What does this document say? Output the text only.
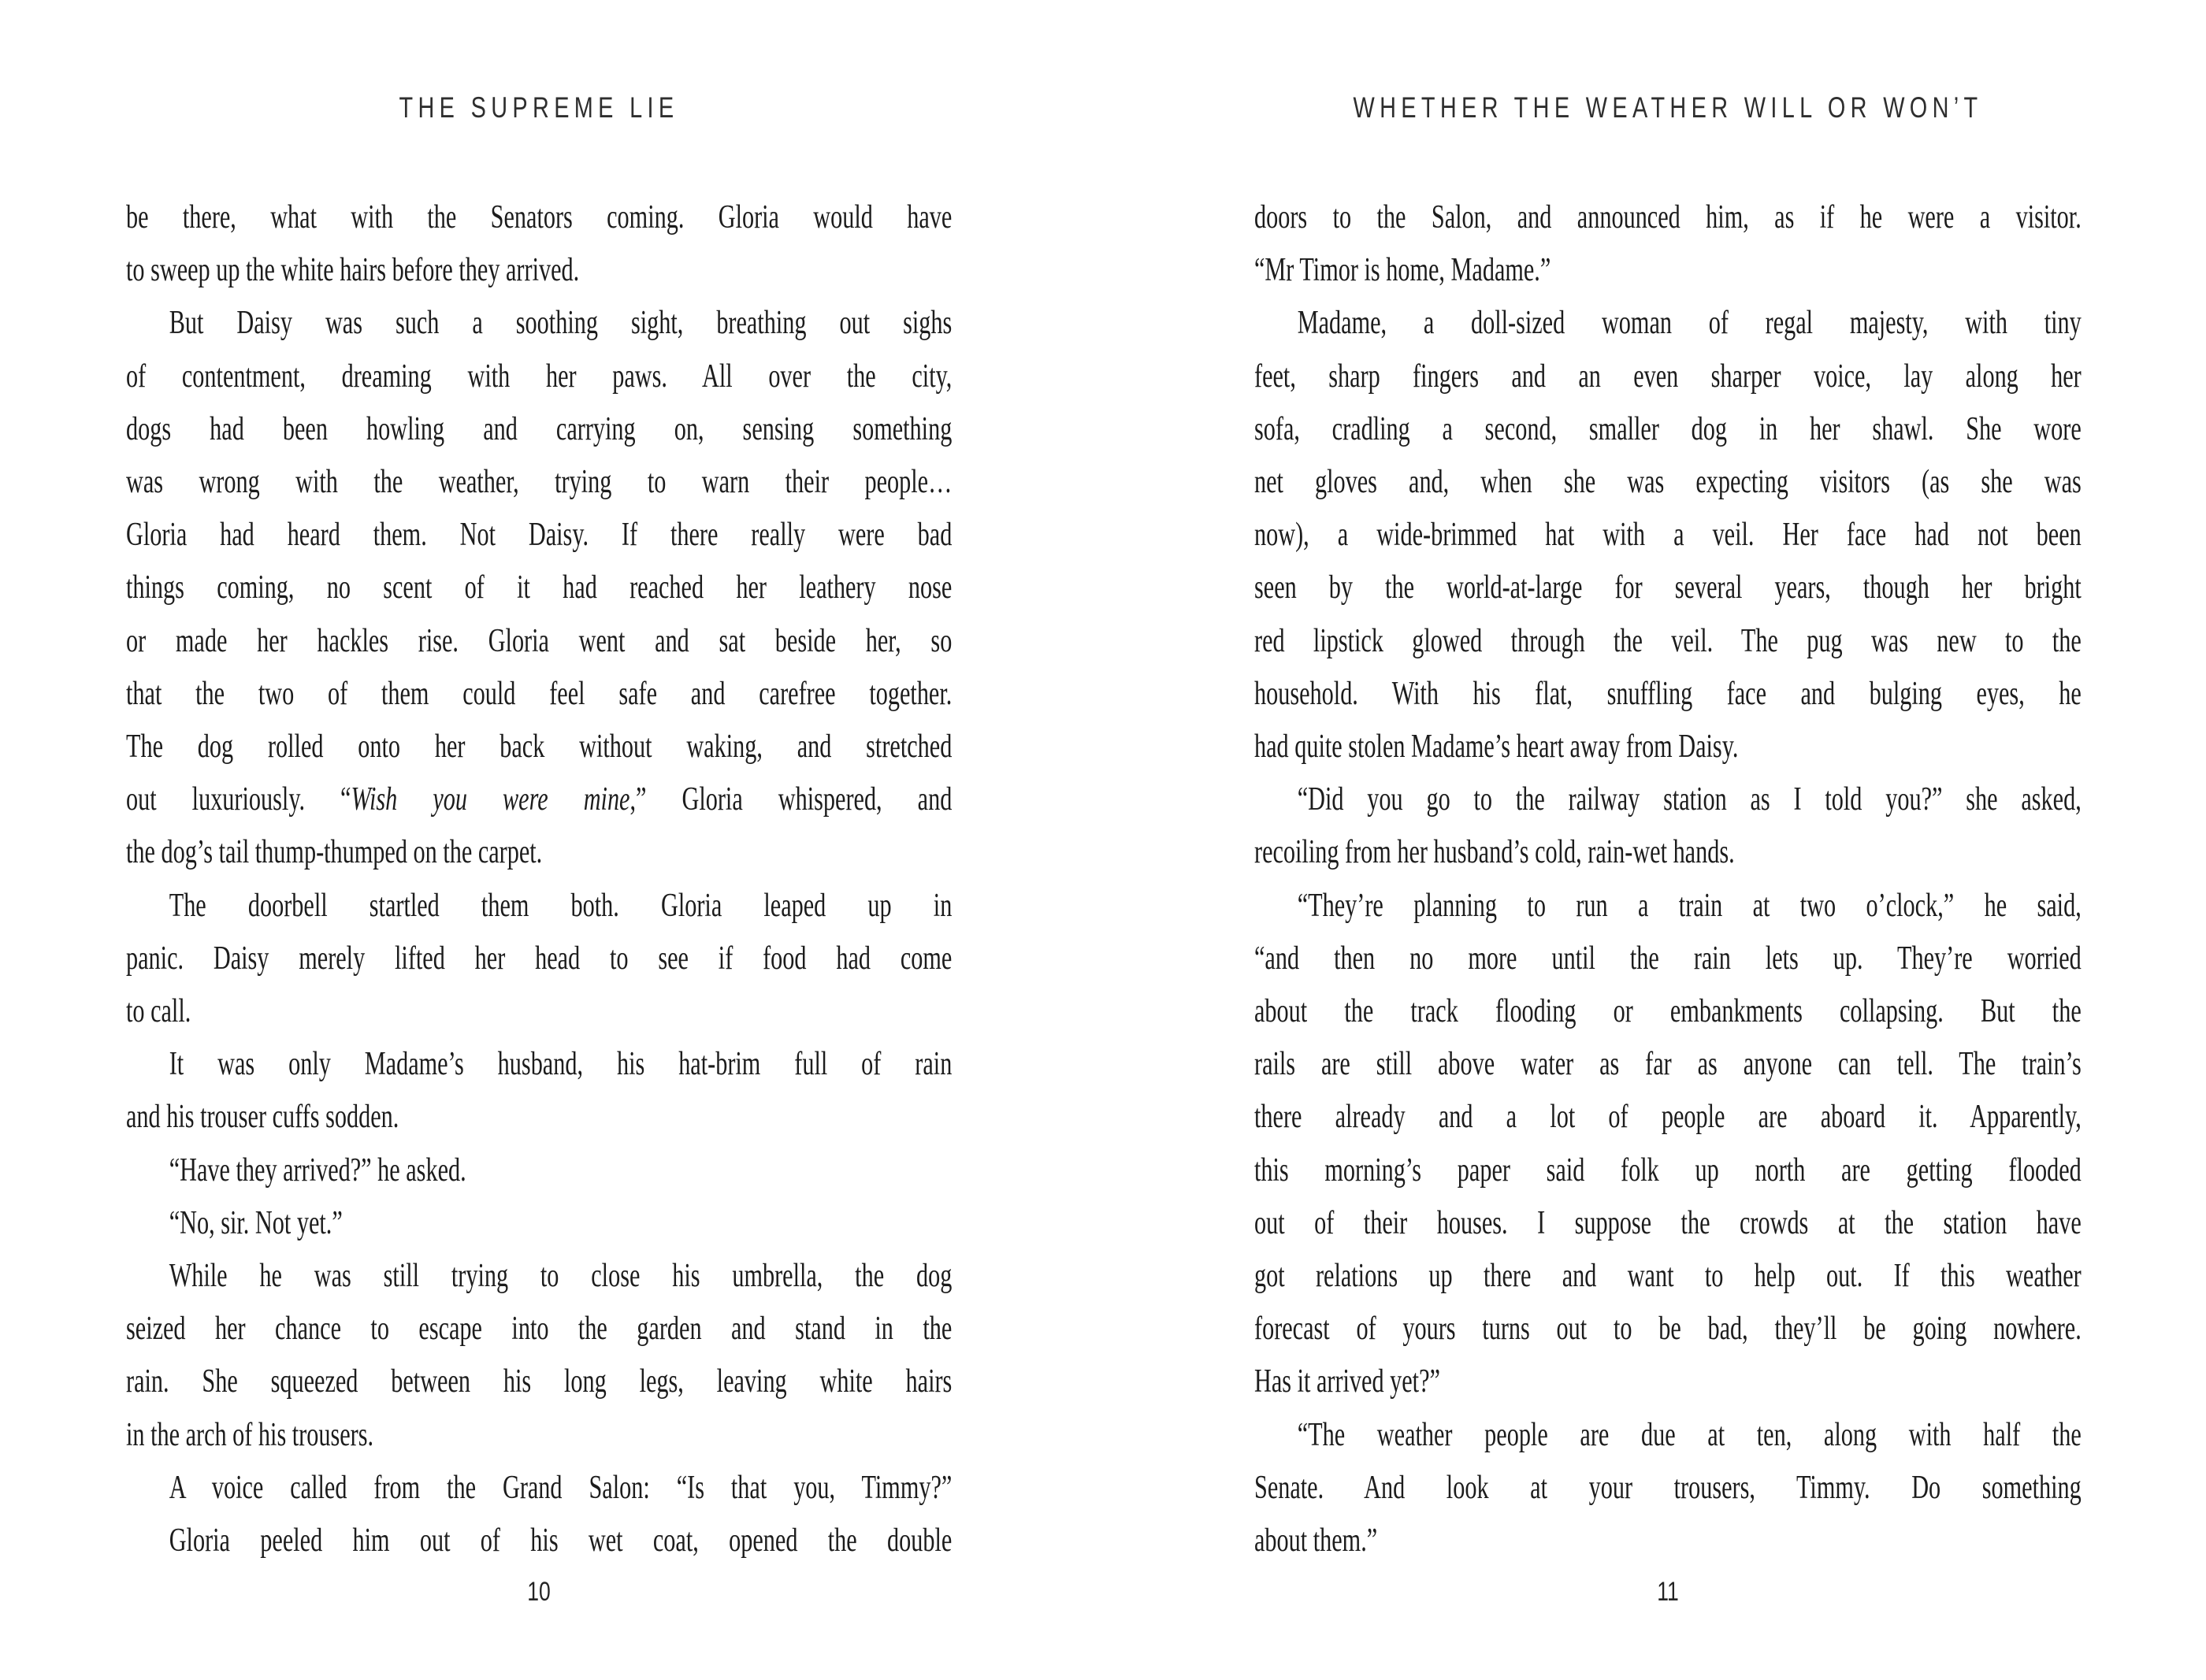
THE SUPREME LIE
be there, what with the Senators coming. Gloria would have
to sweep up the white hairs before they arrived.
But Daisy was such a soothing sight, breathing out sighs
of contentment, dreaming with her paws. All over the city,
dogs had been howling and carrying on, sensing something
was wrong with the weather, trying to warn their people…
Gloria had heard them. Not Daisy. If there really were bad
things coming, no scent of it had reached her leathery nose
or made her hackles rise. Gloria went and sat beside her, so
that the two of them could feel safe and carefree together.
The dog rolled onto her back without waking, and stretched
out luxuriously. “Wish you were mine,” Gloria whispered, and
the dog’s tail thump-thumped on the carpet.
The doorbell startled them both. Gloria leaped up in
panic. Daisy merely lifted her head to see if food had come
to call.
It was only Madame’s husband, his hat-brim full of rain
and his trouser cuffs sodden.
“Have they arrived?” he asked.
“No, sir. Not yet.”
While he was still trying to close his umbrella, the dog
seized her chance to escape into the garden and stand in the
rain. She squeezed between his long legs, leaving white hairs
in the arch of his trousers.
A voice called from the Grand Salon: “Is that you, Timmy?”
Gloria peeled him out of his wet coat, opened the double
10
WHETHER THE WEATHER WILL OR WON’T
doors to the Salon, and announced him, as if he were a visitor.
“Mr Timor is home, Madame.”
Madame, a doll-sized woman of regal majesty, with tiny
feet, sharp fingers and an even sharper voice, lay along her
sofa, cradling a second, smaller dog in her shawl. She wore
net gloves and, when she was expecting visitors (as she was
now), a wide-brimmed hat with a veil. Her face had not been
seen by the world-at-large for several years, though her bright
red lipstick glowed through the veil. The pug was new to the
household. With his flat, snuffling face and bulging eyes, he
had quite stolen Madame’s heart away from Daisy.
“Did you go to the railway station as I told you?” she asked,
recoiling from her husband’s cold, rain-wet hands.
“They’re planning to run a train at two o’clock,” he said,
“and then no more until the rain lets up. They’re worried
about the track flooding or embankments collapsing. But the
rails are still above water as far as anyone can tell. The train’s
there already and a lot of people are aboard it. Apparently,
this morning’s paper said folk up north are getting flooded
out of their houses. I suppose the crowds at the station have
got relations up there and want to help out. If this weather
forecast of yours turns out to be bad, they’ll be going nowhere.
Has it arrived yet?”
“The weather people are due at ten, along with half the
Senate. And look at your trousers, Timmy. Do something
about them.”
11
